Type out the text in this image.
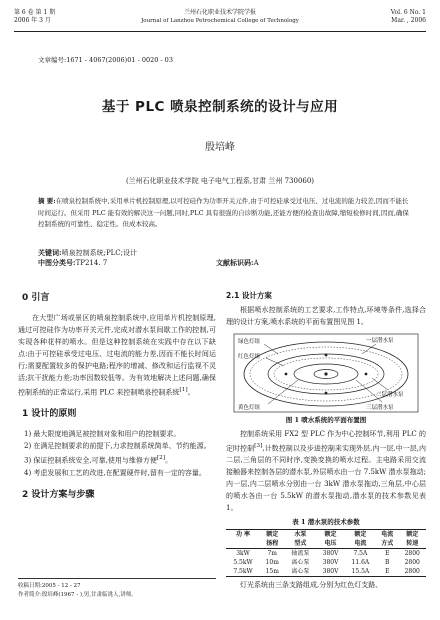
第 6 卷 第 1 期
2006 年 3 月
兰州石化职业技术学院学报
Journal of Lanzhou Petrochemical College of Technology
Vol. 6 No. 1
Mar. , 2006
文章编号:1671 - 4067(2006)01 - 0020 - 03
基于 PLC 喷泉控制系统的设计与应用
殷培峰
(兰州石化职业技术学院 电子电气工程系,甘肃 兰州 730060)
摘 要:在喷泉控制系统中,采用单片机控制原理,以可控硅作为功率开关元件,由于可控硅承受过电压、过电流的能力较差,因而不能长时间运行。但采用 PLC 能有效的解决这一问题,同时,PLC 具有很强的自诊断功能,还能方便的检查出故障,缩短检修时间,因而,确保控制系统的可靠性、稳定性。但成本较高。
关键词:喷泉控制系统;PLC;设计
中图分类号:TP214. 7	文献标识码:A
0 引言
在大型广场或景区的喷泉控制系统中,应用单片机控制原理,通过可控硅作为功率开关元件,完成对潜水泵间歇工作的控制,可实现各种花样的喷水。但是这种控制系统在实践中存在以下缺点:由于可控硅承受过电压、过电流的能力差,因而不能长时间运行;需要配置较多的保护电路;程序的增减、修改和运行监视不灵活;抗干扰能力差;功率因数较低等。为有效地解决上述问题,确保控制系统的正常运行,采用 PLC 来控制喷泉控制系统[1]。
1 设计的原则
1) 最大限度地满足被控制对象和用户的控制要求。
2) 在满足控制要求的前提下,力求控制系统简单、节约能源。
3) 保证控制系统安全,可靠,使用与维修方便[2]。
4) 考虑发展和工艺的改进,在配置硬件时,留有一定的容量。
2 设计方案与步骤
收稿日期:2005 - 12 - 27
作者简介:殷培峰(1967 - ),男,甘肃临洮人,讲师。
2.1 设计方案
根据喷水控制系统的工艺要求,工作特点,环境等条件,选择合理的设计方案,喷水系统的平面布置图见图 1。
绿色灯组
红色灯组
黄色灯组
一层潜水泵
二层潜水泵
三层潜水泵
图 1 喷水系统的平面布置图
控制系统采用 FX2 型 PLC 作为中心控制环节,利用 PLC 的定时控制[3],计数控制以及步进控制来实现外层,内一层,中一层,内二层,三角层的不同时序,变换变换的喷水过程。主电路采用交流接触器来控制各层的潜水泵,外层喷水由一台 7.5kW 潜水泵拖动;内一层,内二层喷水分别由一台 3kW 潜水泵拖动,三角层,中心层的喷水各由一台 5.5kW 的潜水泵拖动,潜水泵的技术参数见表 1。
表 1 潜水泵的技术参数
功 率	额定	水泵	额定	额定	电流	额定
	扬程	型式	电压	电流	方式	转速
3kW	7m	轴流泵	380V	7.5A	E	2800
5.5kW	10m	离心泵	380V	11.6A	B	2800
7.5kW	15m	离心泵	380V	15.5A	E	2800
灯光系统由三条支路组成,分别为红色灯支路、
